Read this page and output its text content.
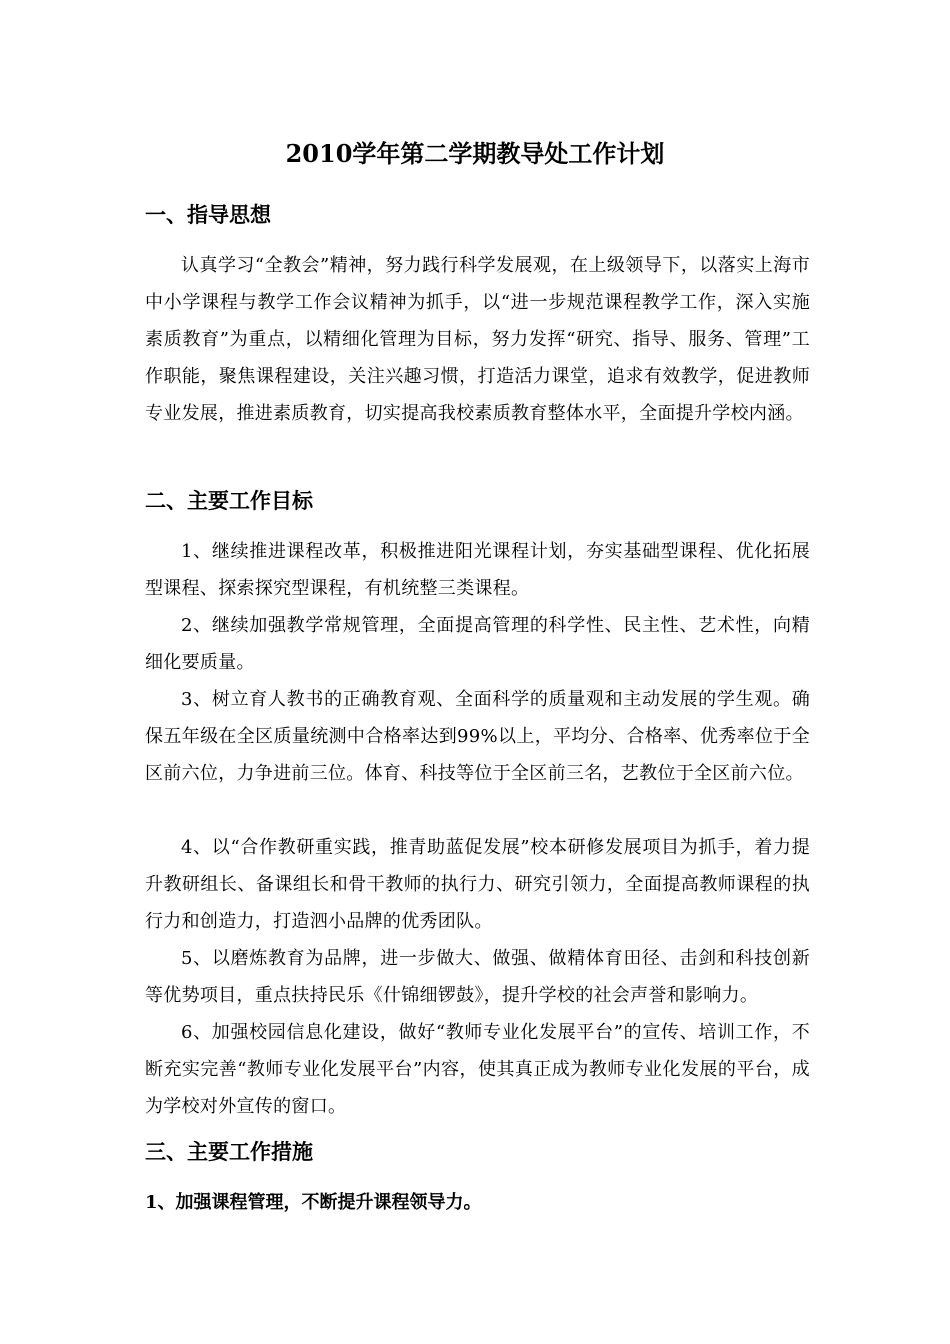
2010学年第二学期教导处工作计划
一、指导思想
认真学习“全教会”精神，努力践行科学发展观，在上级领导下，以落实上海市中小学课程与教学工作会议精神为抓手，以“进一步规范课程教学工作，深入实施素质教育”为重点，以精细化管理为目标，努力发挥“研究、指导、服务、管理”工作职能，聚焦课程建设，关注兴趣习惯，打造活力课堂，追求有效教学，促进教师专业发展，推进素质教育，切实提高我校素质教育整体水平，全面提升学校内涵。
二、主要工作目标
1、继续推进课程改革，积极推进阳光课程计划，夯实基础型课程、优化拓展型课程、探索探究型课程，有机统整三类课程。
2、继续加强教学常规管理，全面提高管理的科学性、民主性、艺术性，向精细化要质量。
3、树立育人教书的正确教育观、全面科学的质量观和主动发展的学生观。确保五年级在全区质量统测中合格率达到99%以上，平均分、合格率、优秀率位于全区前六位，力争进前三位。体育、科技等位于全区前三名，艺教位于全区前六位。
4、以“合作教研重实践，推青助蓝促发展”校本研修发展项目为抓手，着力提升教研组长、备课组长和骨干教师的执行力、研究引领力，全面提高教师课程的执行力和创造力，打造泗小品牌的优秀团队。
5、以磨炼教育为品牌，进一步做大、做强、做精体育田径、击剑和科技创新等优势项目，重点扶持民乐《什锦细锣鼓》，提升学校的社会声誉和影响力。
6、加强校园信息化建设，做好“教师专业化发展平台”的宣传、培训工作，不断充实完善“教师专业化发展平台”内容，使其真正成为教师专业化发展的平台，成为学校对外宣传的窗口。
三、主要工作措施
1、加强课程管理，不断提升课程领导力。
